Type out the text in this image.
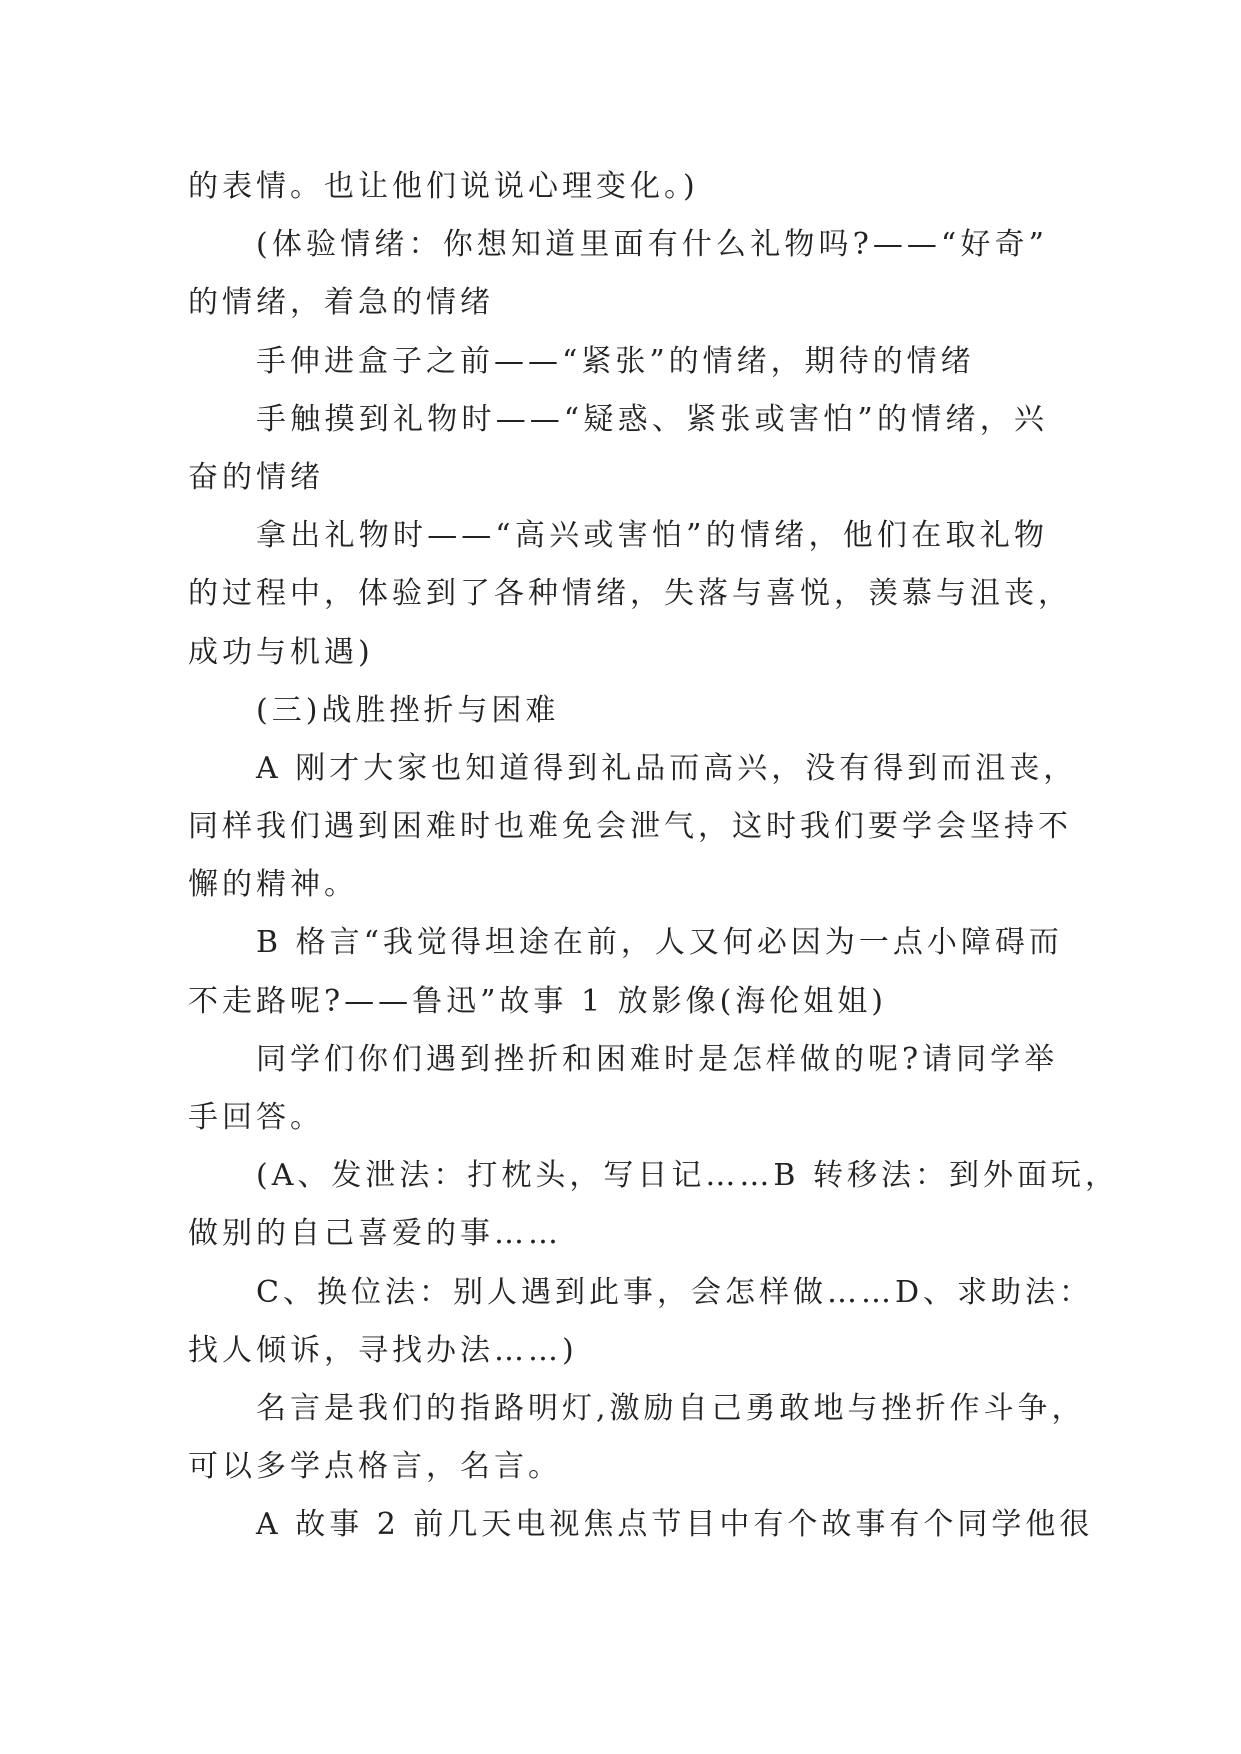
的表情。也让他们说说心理变化。)
(体验情绪：你想知道里面有什么礼物吗?——“好奇”
的情绪，着急的情绪
手伸进盒子之前——“紧张”的情绪，期待的情绪
手触摸到礼物时——“疑惑、紧张或害怕”的情绪，兴
奋的情绪
拿出礼物时——“高兴或害怕”的情绪，他们在取礼物
的过程中，体验到了各种情绪，失落与喜悦，羡慕与沮丧，
成功与机遇)
(三)战胜挫折与困难
A 刚才大家也知道得到礼品而高兴，没有得到而沮丧，
同样我们遇到困难时也难免会泄气，这时我们要学会坚持不
懈的精神。
B 格言“我觉得坦途在前，人又何必因为一点小障碍而
不走路呢?——鲁迅”故事 1 放影像(海伦姐姐)
同学们你们遇到挫折和困难时是怎样做的呢?请同学举
手回答。
(A、发泄法：打枕头，写日记……B 转移法：到外面玩，
做别的自己喜爱的事……
C、换位法：别人遇到此事，会怎样做……D、求助法：
找人倾诉，寻找办法……)
名言是我们的指路明灯,激励自己勇敢地与挫折作斗争，
可以多学点格言，名言。
A 故事 2 前几天电视焦点节目中有个故事有个同学他很
